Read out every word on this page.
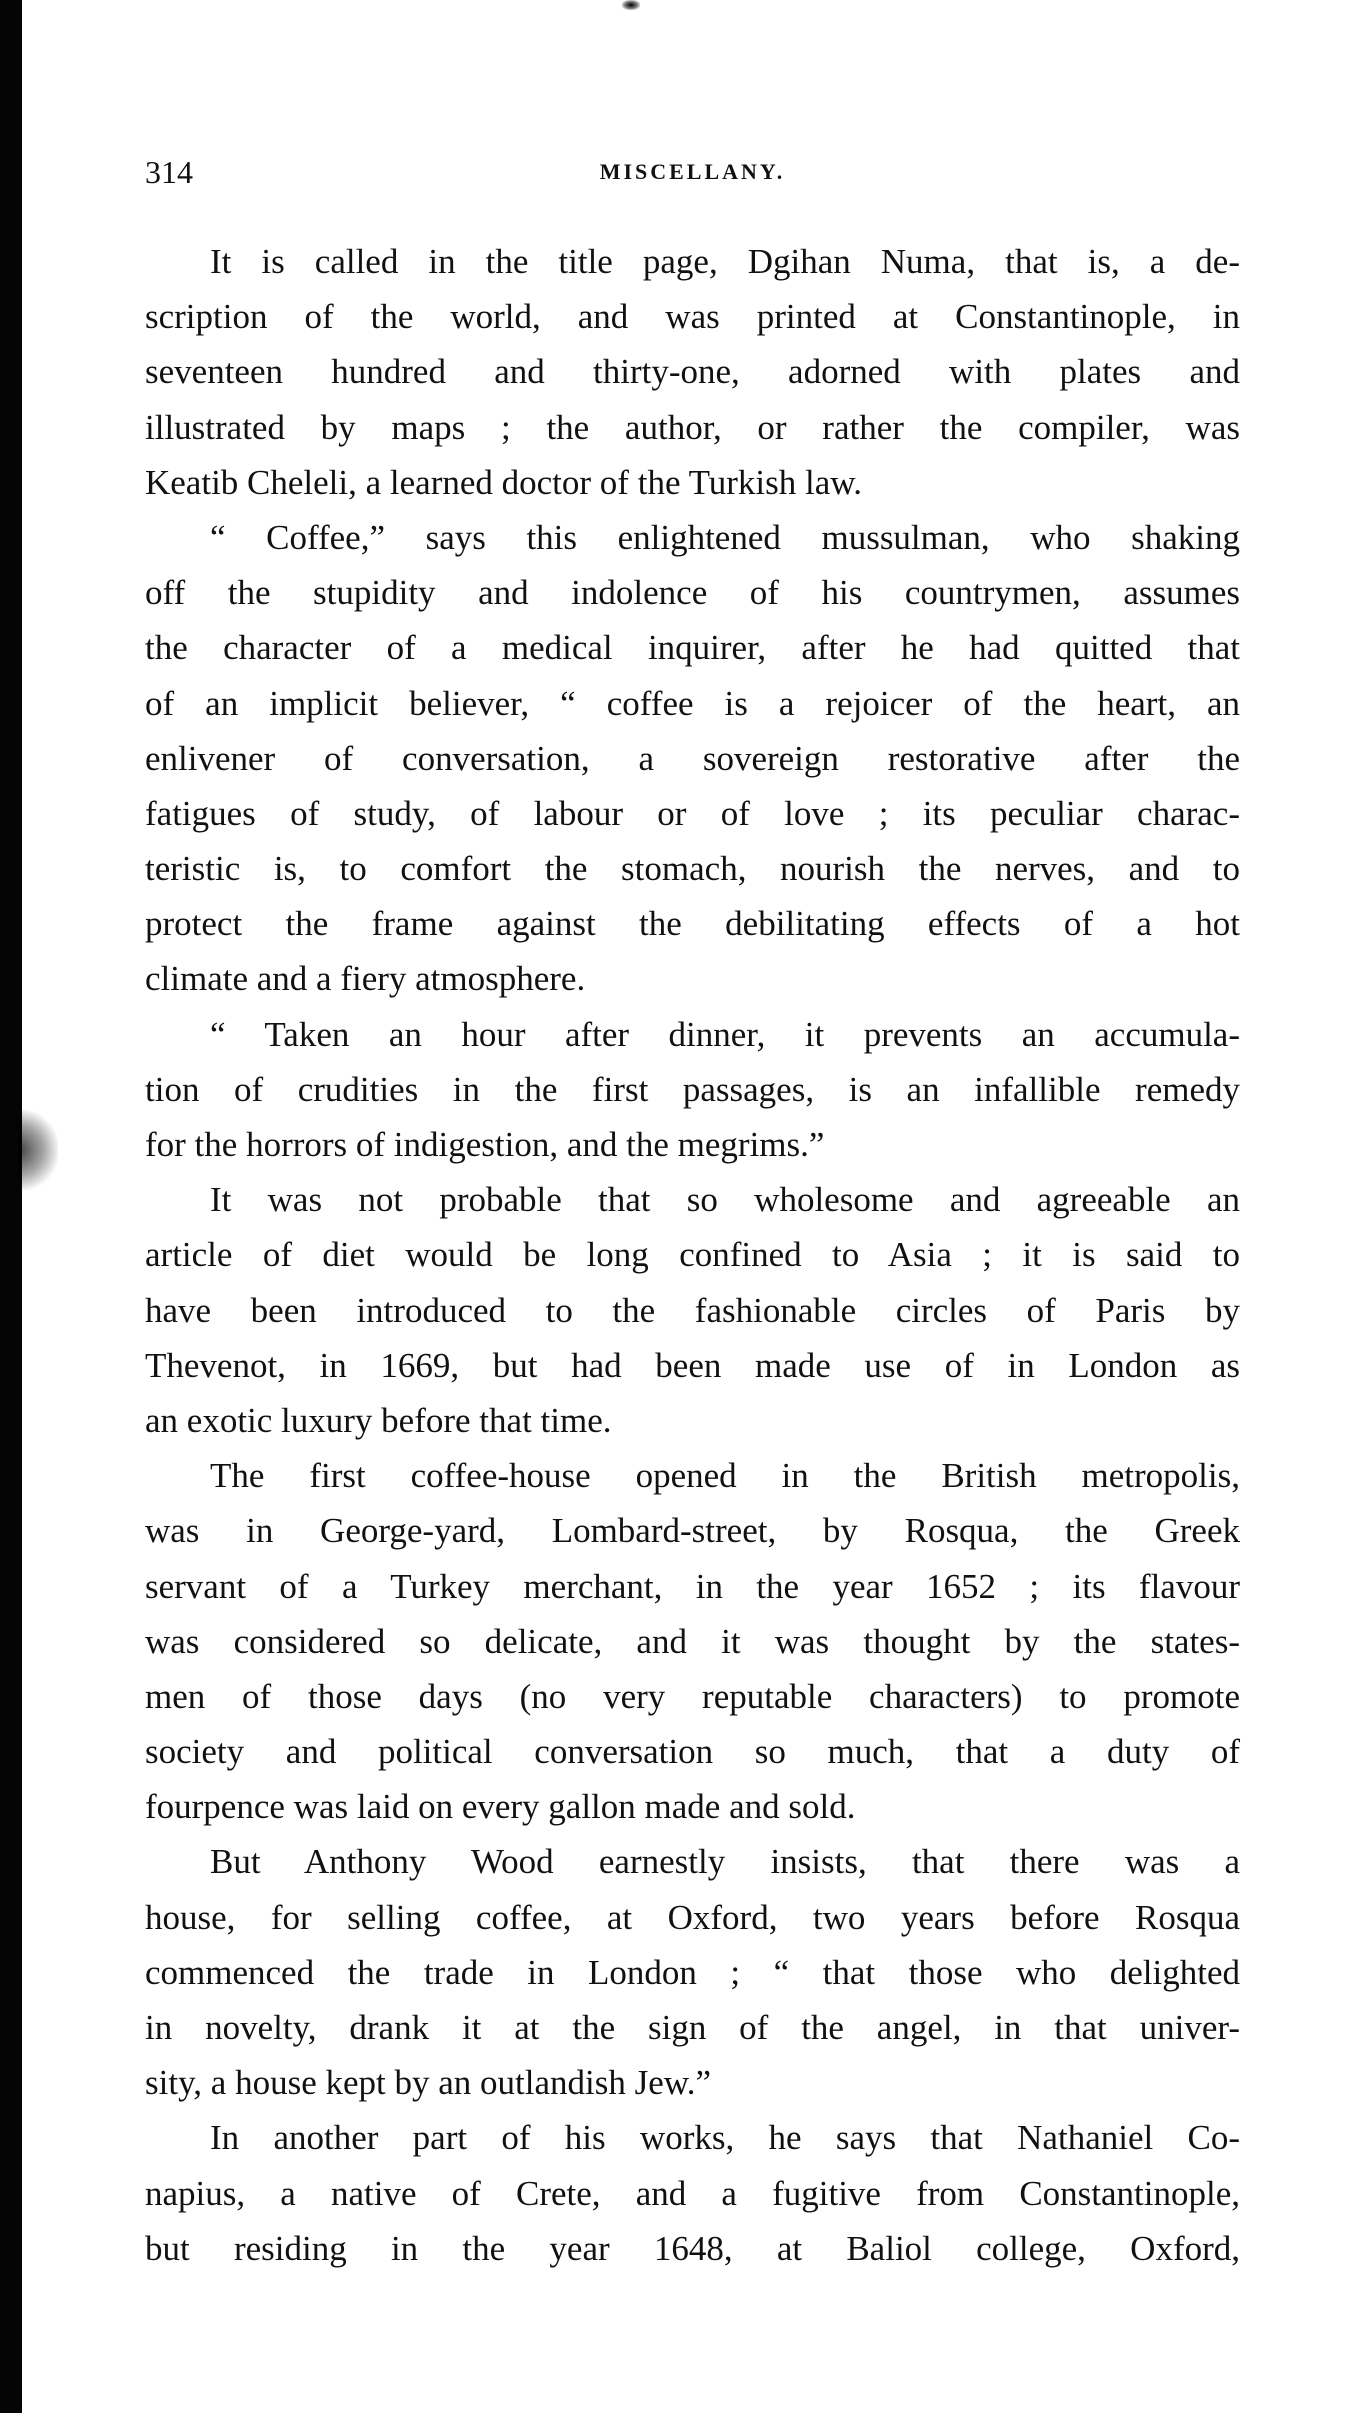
314	MISCELLANY.
It is called in the title page, Dgihan Numa, that is, a de-
scription of the world, and was printed at Constantinople, in
seventeen hundred and thirty-one, adorned with plates and
illustrated by maps ; the author, or rather the compiler, was
Keatib Cheleli, a learned doctor of the Turkish law.
“ Coffee,” says this enlightened mussulman, who shaking
off the stupidity and indolence of his countrymen, assumes
the character of a medical inquirer, after he had quitted that
of an implicit believer, “ coffee is a rejoicer of the heart, an
enlivener of conversation, a sovereign restorative after the
fatigues of study, of labour or of love ; its peculiar charac-
teristic is, to comfort the stomach, nourish the nerves, and to
protect the frame against the debilitating effects of a hot
climate and a fiery atmosphere.
“ Taken an hour after dinner, it prevents an accumula-
tion of crudities in the first passages, is an infallible remedy
for the horrors of indigestion, and the megrims.”
It was not probable that so wholesome and agreeable an
article of diet would be long confined to Asia ; it is said to
have been introduced to the fashionable circles of Paris by
Thevenot, in 1669, but had been made use of in London as
an exotic luxury before that time.
The first coffee-house opened in the British metropolis,
was in George-yard, Lombard-street, by Rosqua, the Greek
servant of a Turkey merchant, in the year 1652 ; its flavour
was considered so delicate, and it was thought by the states-
men of those days (no very reputable characters) to promote
society and political conversation so much, that a duty of
fourpence was laid on every gallon made and sold.
But Anthony Wood earnestly insists, that there was a
house, for selling coffee, at Oxford, two years before Rosqua
commenced the trade in London ; “ that those who delighted
in novelty, drank it at the sign of the angel, in that univer-
sity, a house kept by an outlandish Jew.”
In another part of his works, he says that Nathaniel Co-
napius, a native of Crete, and a fugitive from Constantinople,
but residing in the year 1648, at Baliol college, Oxford,
